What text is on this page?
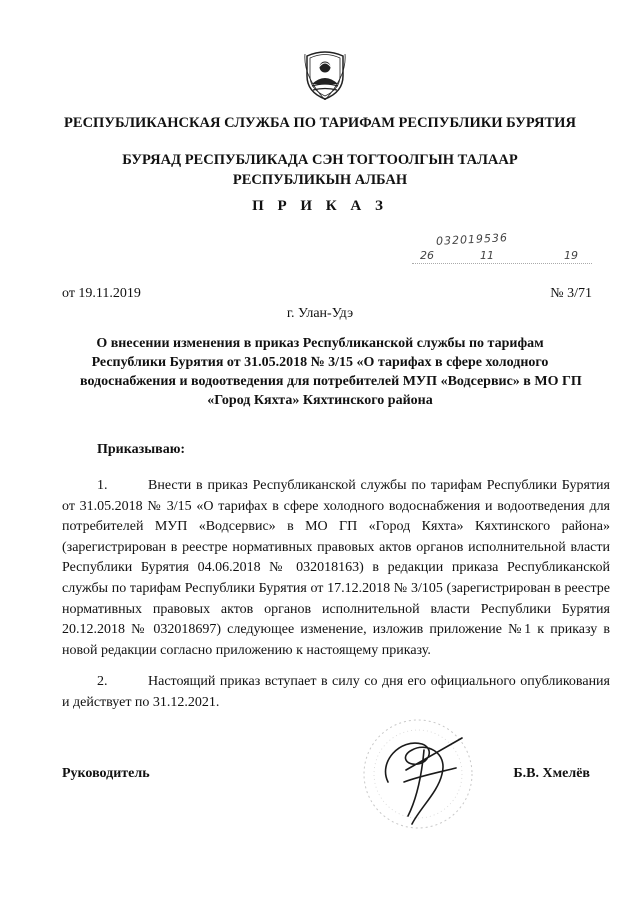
РЕСПУБЛИКАНСКАЯ СЛУЖБА ПО ТАРИФАМ РЕСПУБЛИКИ БУРЯТИЯ
БУРЯАД РЕСПУБЛИКАДА СЭН ТОГТООЛГЫН ТАЛААР
РЕСПУБЛИКЫН АЛБАН
П Р И К А З
032019536
26	11	19
от 19.11.2019	№ 3/71
г. Улан-Удэ
О внесении изменения в приказ Республиканской службы по тарифам
Республики Бурятия от 31.05.2018 № 3/15 «О тарифах в сфере холодного
водоснабжения и водоотведения для потребителей МУП «Водсервис» в МО ГП
«Город Кяхта» Кяхтинского района
Приказываю:
1.	Внести в приказ Республиканской службы по тарифам Республики Бурятия от 31.05.2018 № 3/15 «О тарифах в сфере холодного водоснабжения и водоотведения для потребителей МУП «Водсервис» в МО ГП «Город Кяхта» Кяхтинского района» (зарегистрирован в реестре нормативных правовых актов органов исполнительной власти Республики Бурятия 04.06.2018 № 032018163) в редакции приказа Республиканской службы по тарифам Республики Бурятия от 17.12.2018 № 3/105 (зарегистрирован в реестре нормативных правовых актов органов исполнительной власти Республики Бурятия 20.12.2018 № 032018697) следующее изменение, изложив приложение №1 к приказу в новой редакции согласно приложению к настоящему приказу.
2.	Настоящий приказ вступает в силу со дня его официального опубликования и действует по 31.12.2021.
Руководитель	Б.В. Хмелёв
